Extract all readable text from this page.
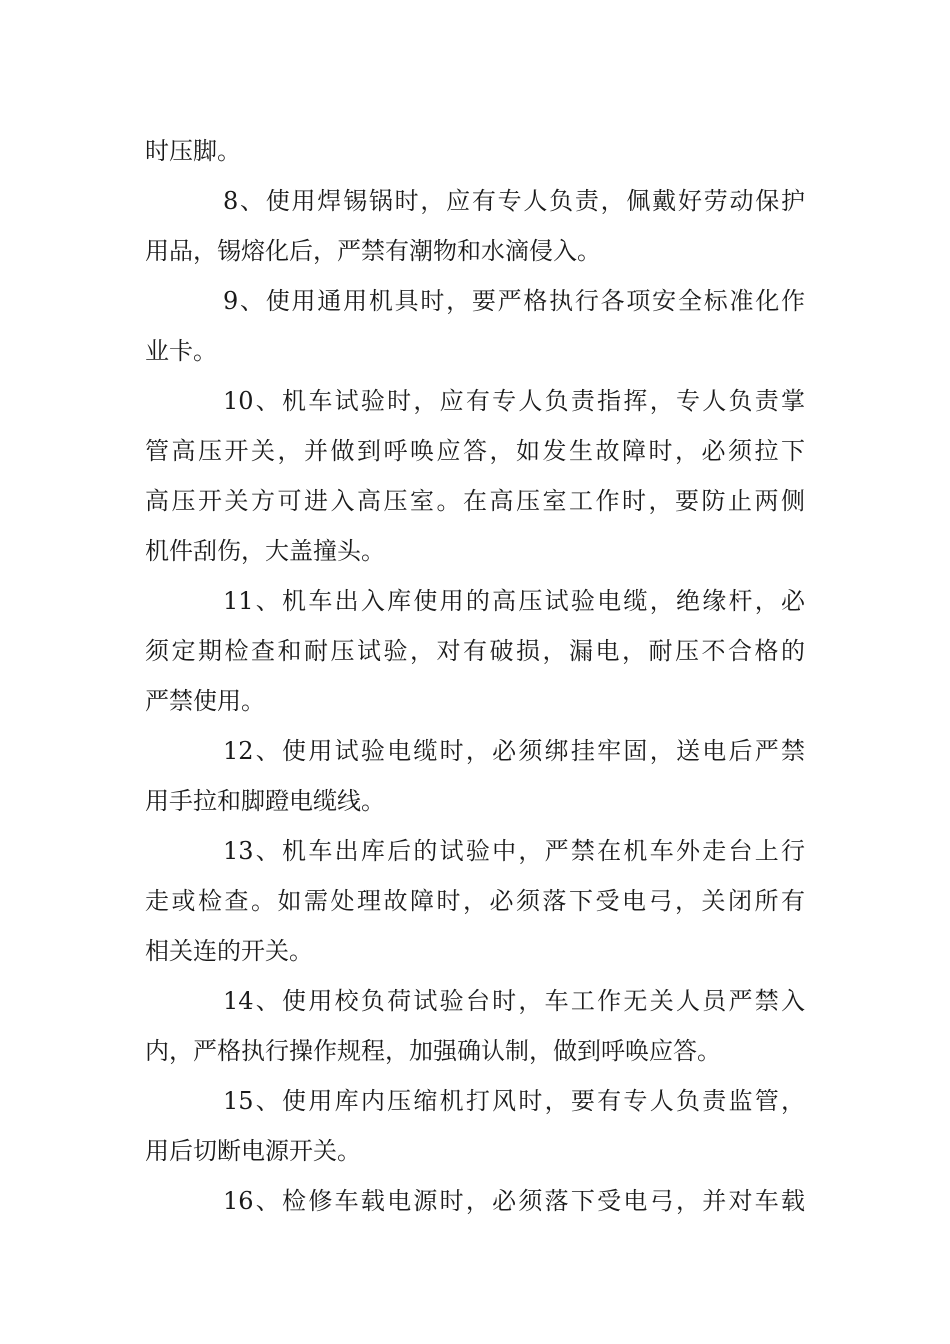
时压脚。
8、使用焊锡锅时，应有专人负责，佩戴好劳动保护
用品，锡熔化后，严禁有潮物和水滴侵入。
9、使用通用机具时，要严格执行各项安全标准化作
业卡。
10、机车试验时，应有专人负责指挥，专人负责掌
管高压开关，并做到呼唤应答，如发生故障时，必须拉下
高压开关方可进入高压室。在高压室工作时，要防止两侧
机件刮伤，大盖撞头。
11、机车出入库使用的高压试验电缆，绝缘杆，必
须定期检查和耐压试验，对有破损，漏电，耐压不合格的
严禁使用。
12、使用试验电缆时，必须绑挂牢固，送电后严禁
用手拉和脚蹬电缆线。
13、机车出库后的试验中，严禁在机车外走台上行
走或检查。如需处理故障时，必须落下受电弓，关闭所有
相关连的开关。
14、使用校负荷试验台时，车工作无关人员严禁入
内，严格执行操作规程，加强确认制，做到呼唤应答。
15、使用库内压缩机打风时，要有专人负责监管，
用后切断电源开关。
16、检修车载电源时，必须落下受电弓，并对车载
